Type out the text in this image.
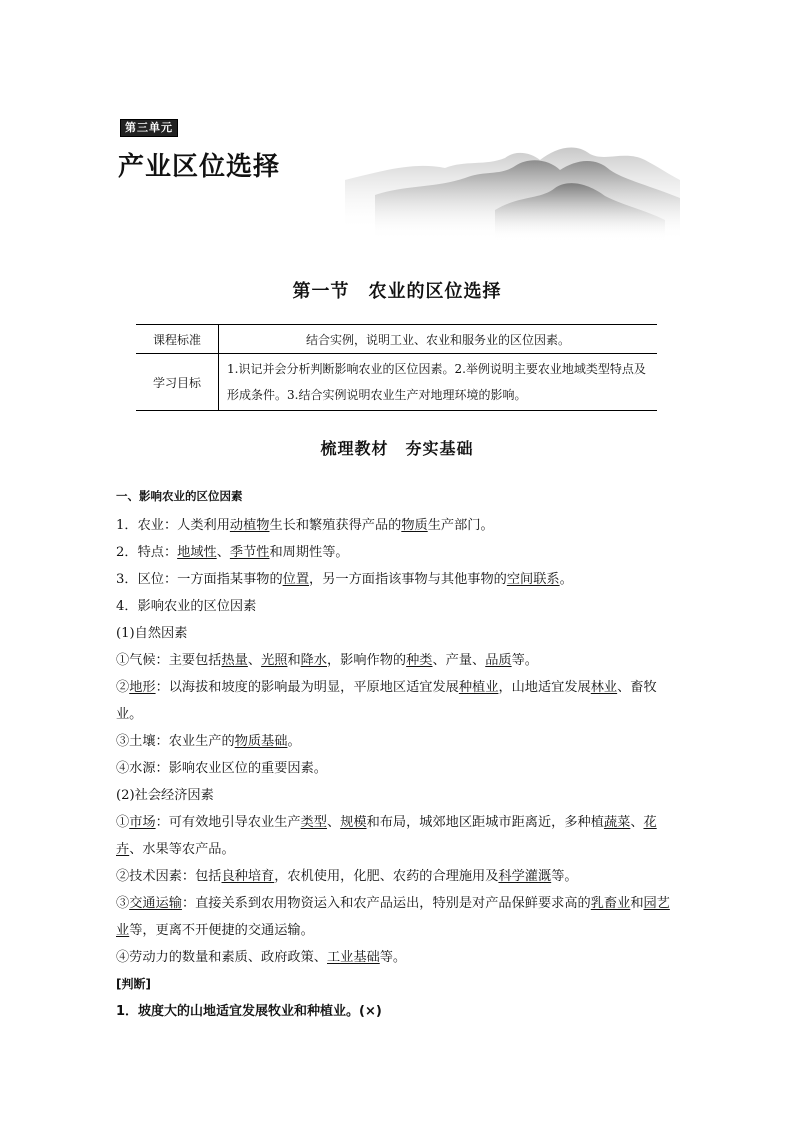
第三单元
产业区位选择
第一节　农业的区位选择
课程标准	结合实例，说明工业、农业和服务业的区位因素。
学习目标	1.识记并会分析判断影响农业的区位因素。2.举例说明主要农业地域类型特点及形成条件。3.结合实例说明农业生产对地理环境的影响。
梳理教材　夯实基础

一、影响农业的区位因素

1．农业：人类利用动植物生长和繁殖获得产品的物质生产部门。

2．特点：地域性、季节性和周期性等。

3．区位：一方面指某事物的位置，另一方面指该事物与其他事物的空间联系。

4．影响农业的区位因素

(1)自然因素

①气候：主要包括热量、光照和降水，影响作物的种类、产量、品质等。

②地形：以海拔和坡度的影响最为明显，平原地区适宜发展种植业，山地适宜发展林业、畜牧业。

③土壤：农业生产的物质基础。

④水源：影响农业区位的重要因素。

(2)社会经济因素

①市场：可有效地引导农业生产类型、规模和布局，城郊地区距城市距离近，多种植蔬菜、花卉、水果等农产品。

②技术因素：包括良种培育，农机使用，化肥、农药的合理施用及科学灌溉等。

③交通运输：直接关系到农用物资运入和农产品运出，特别是对产品保鲜要求高的乳畜业和园艺业等，更离不开便捷的交通运输。

④劳动力的数量和素质、政府政策、工业基础等。

[判断]

1．坡度大的山地适宜发展牧业和种植业。(×)
